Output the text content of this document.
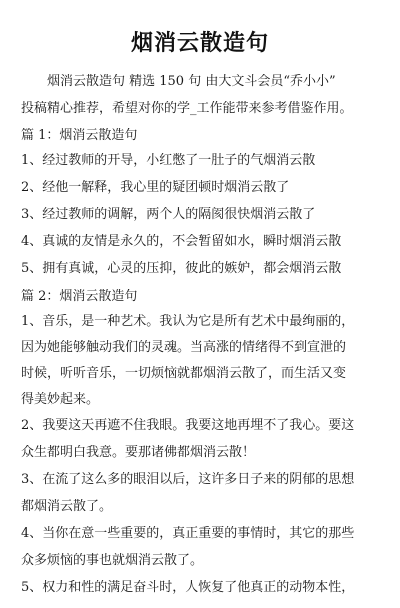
烟消云散造句
　　烟消云散造句 精选 150 句 由大文斗会员“乔小小”
投稿精心推荐，希望对你的学_工作能带来参考借鉴作用。
篇 1：烟消云散造句
1、经过教师的开导，小红憋了一肚子的气烟消云散
2、经他一解释，我心里的疑团顿时烟消云散了
3、经过教师的调解，两个人的隔阂很快烟消云散了
4、真诚的友情是永久的，不会暂留如水，瞬时烟消云散
5、拥有真诚，心灵的压抑，彼此的嫉妒，都会烟消云散
篇 2：烟消云散造句
1、音乐，是一种艺术。我认为它是所有艺术中最绚丽的，
因为她能够触动我们的灵魂。当高涨的情绪得不到宣泄的
时候，听听音乐，一切烦恼就都烟消云散了，而生活又变
得美妙起来。
2、我要这天再遮不住我眼。我要这地再埋不了我心。要这
众生都明白我意。要那诸佛都烟消云散！
3、在流了这么多的眼泪以后，这许多日子来的阴郁的思想
都烟消云散了。
4、当你在意一些重要的，真正重要的事情时，其它的那些
众多烦恼的事也就烟消云散了。
5、权力和性的满足奋斗时，人恢复了他真正的动物本性，
